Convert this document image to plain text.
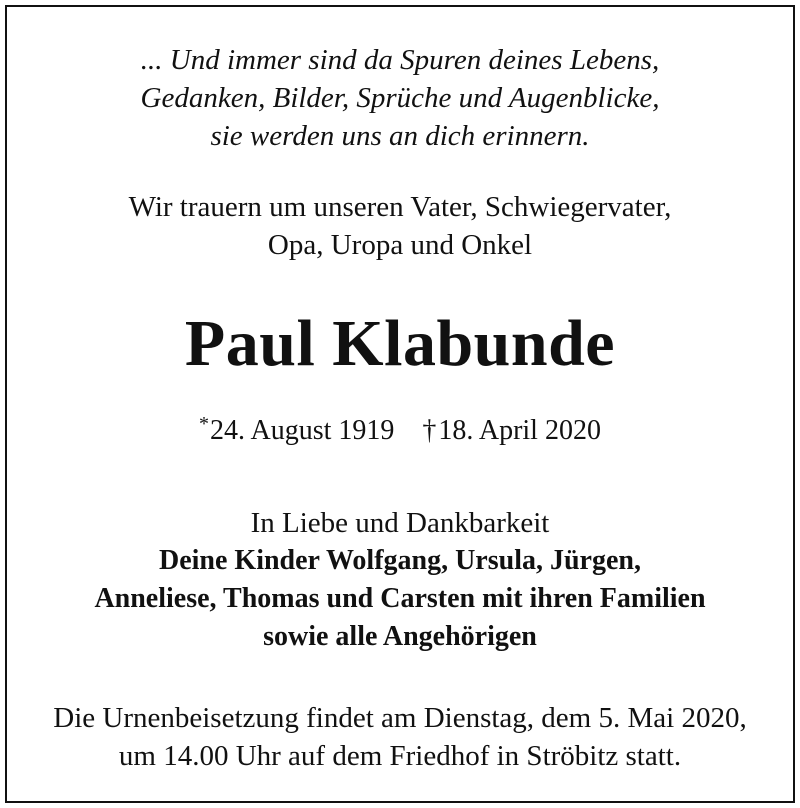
... Und immer sind da Spuren deines Lebens,
Gedanken, Bilder, Sprüche und Augenblicke,
sie werden uns an dich erinnern.
Wir trauern um unseren Vater, Schwiegervater,
Opa, Uropa und Onkel
Paul Klabunde
*24. August 1919 †18. April 2020
In Liebe und Dankbarkeit
Deine Kinder Wolfgang, Ursula, Jürgen,
Anneliese, Thomas und Carsten mit ihren Familien
sowie alle Angehörigen
Die Urnenbeisetzung findet am Dienstag, dem 5. Mai 2020,
um 14.00 Uhr auf dem Friedhof in Ströbitz statt.
